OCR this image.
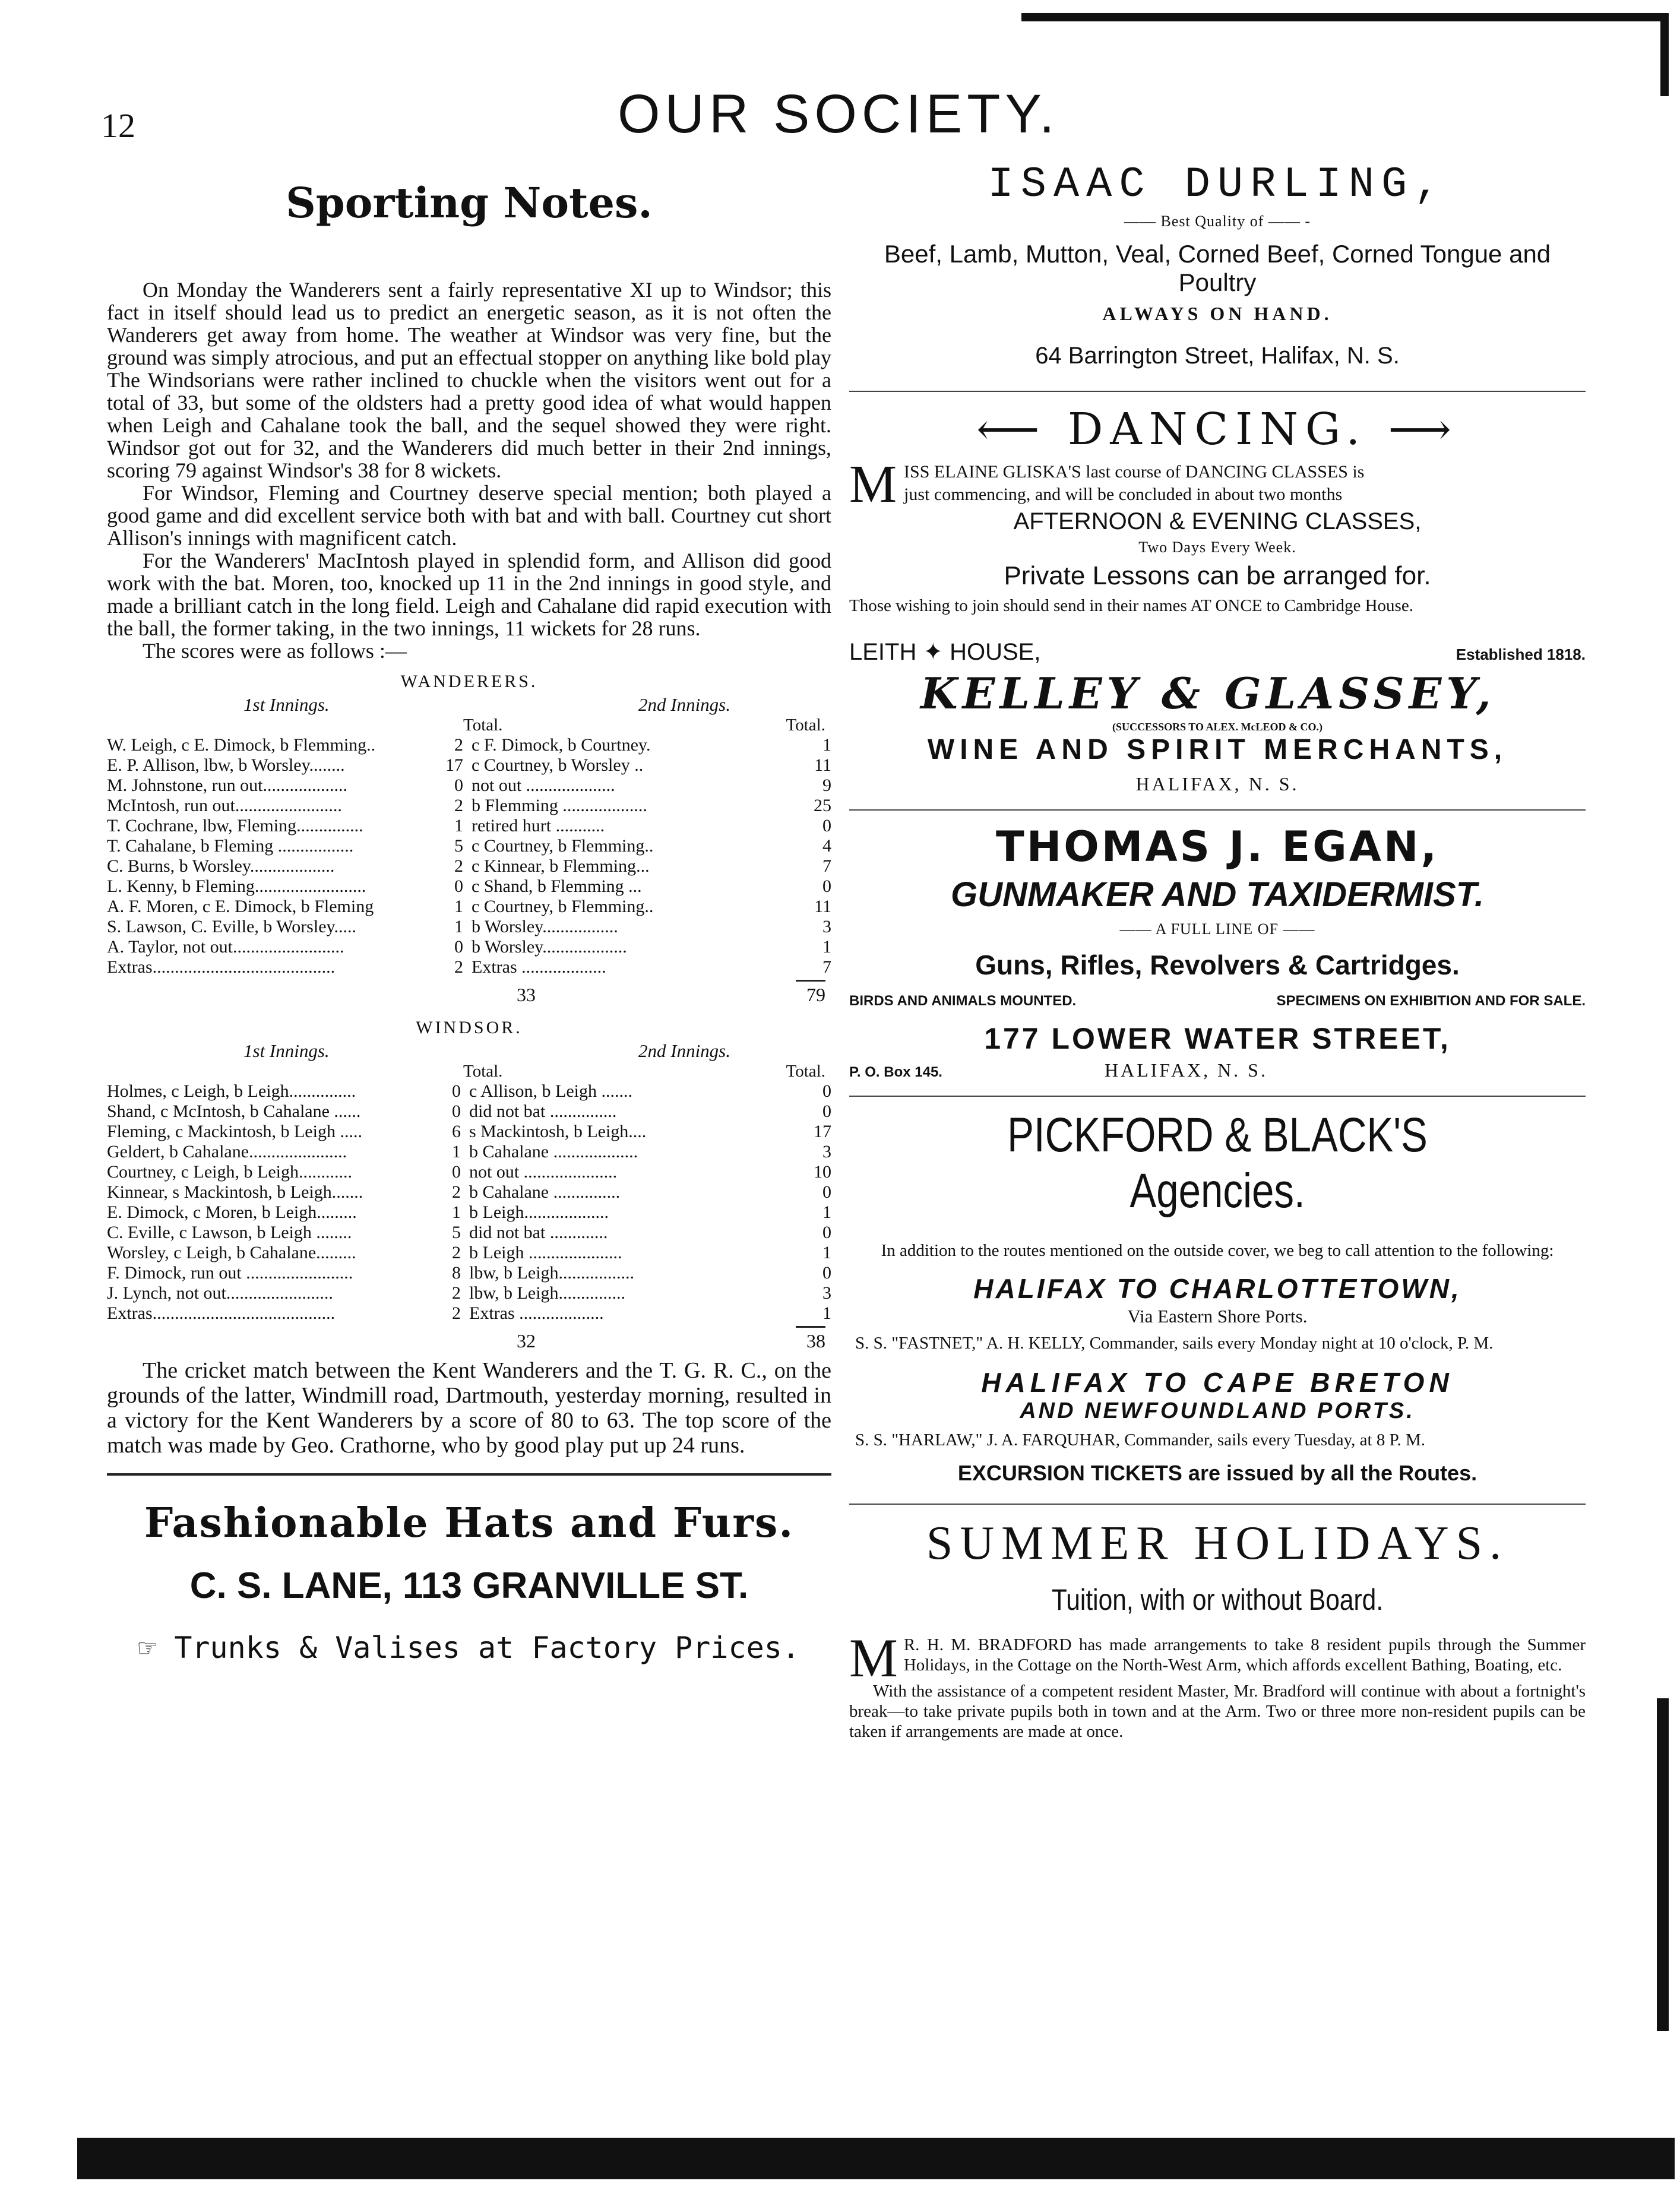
12	OUR SOCIETY.
Sporting Notes.

On Monday the Wanderers sent a fairly representative XI up to Windsor; this fact in itself should lead us to predict an energetic season, as it is not often the Wanderers get away from home. The weather at Windsor was very fine, but the ground was simply atrocious, and put an effectual stopper on anything like bold play The Windsorians were rather inclined to chuckle when the visitors went out for a total of 33, but some of the oldsters had a pretty good idea of what would happen when Leigh and Cahalane took the ball, and the sequel showed they were right. Windsor got out for 32, and the Wanderers did much better in their 2nd innings, scoring 79 against Windsor's 38 for 8 wickets.

For Windsor, Fleming and Courtney deserve special mention; both played a good game and did excellent service both with bat and with ball. Courtney cut short Allison's innings with magnificent catch.

For the Wanderers' MacIntosh played in splendid form, and Allison did good work with the bat. Moren, too, knocked up 11 in the 2nd innings in good style, and made a brilliant catch in the long field. Leigh and Cahalane did rapid execution with the ball, the former taking, in the two innings, 11 wickets for 28 runs.

The scores were as follows :—

WANDERERS.
1st Innings.	2nd Innings.
Total.	Total.
W. Leigh, c E. Dimock, b Flemming..	2	c F. Dimock, b Courtney.	1
E. P. Allison, lbw, b Worsley........	17	c Courtney, b Worsley ..	11
M. Johnstone, run out...................	0	not out ....................	9
McIntosh, run out........................	2	b Flemming ...................	25
T. Cochrane, lbw, Fleming...............	1	retired hurt ...........	0
T. Cahalane, b Fleming .................	5	c Courtney, b Flemming..	4
C. Burns, b Worsley...................	2	c Kinnear, b Flemming...	7
L. Kenny, b Fleming.........................	0	c Shand, b Flemming ...	0
A. F. Moren, c E. Dimock, b Fleming	1	c Courtney, b Flemming..	11
S. Lawson, C. Eville, b Worsley.....	1	b Worsley.................	3
A. Taylor, not out.........................	0	b Worsley...................	1
Extras.........................................	2	Extras ...................	7
33	79
WINDSOR.
1st Innings.	2nd Innings.
Total.	Total.
Holmes, c Leigh, b Leigh...............	0	c Allison, b Leigh .......	0
Shand, c McIntosh, b Cahalane ......	0	did not bat ...............	0
Fleming, c Mackintosh, b Leigh .....	6	s Mackintosh, b Leigh....	17
Geldert, b Cahalane......................	1	b Cahalane ...................	3
Courtney, c Leigh, b Leigh............	0	not out .....................	10
Kinnear, s Mackintosh, b Leigh.......	2	b Cahalane ...............	0
E. Dimock, c Moren, b Leigh.........	1	b Leigh...................	1
C. Eville, c Lawson, b Leigh ........	5	did not bat .............	0
Worsley, c Leigh, b Cahalane.........	2	b Leigh .....................	1
F. Dimock, run out ........................	8	lbw, b Leigh.................	0
J. Lynch, not out........................	2	lbw, b Leigh...............	3
Extras.........................................	2	Extras ...................	1
32	38

The cricket match between the Kent Wanderers and the T. G. R. C., on the grounds of the latter, Windmill road, Dartmouth, yesterday morning, resulted in a victory for the Kent Wanderers by a score of 80 to 63. The top score of the match was made by Geo. Crathorne, who by good play put up 24 runs.

Fashionable Hats and Furs.
C. S. LANE, 113 GRANVILLE ST.
☞ Trunks & Valises at Factory Prices.
ISAAC DURLING,
—— Best Quality of —— -
Beef, Lamb, Mutton, Veal, Corned Beef, Corned Tongue and Poultry
ALWAYS ON HAND.
64 Barrington Street, Halifax, N. S.
⟵ DANCING. ⟶
M ISS ELAINE GLISKA'S last course of DANCING CLASSES is
just commencing, and will be concluded in about two months
AFTERNOON & EVENING CLASSES,
Two Days Every Week.
Private Lessons can be arranged for.
Those wishing to join should send in their names AT ONCE to Cambridge House.
LEITH ✦ HOUSE,	Established 1818.
KELLEY & GLASSEY,
(SUCCESSORS TO ALEX. McLEOD & CO.)
WINE AND SPIRIT MERCHANTS,
HALIFAX, N. S.
THOMAS J. EGAN,
GUNMAKER AND TAXIDERMIST.
—— A FULL LINE OF ——
Guns, Rifles, Revolvers & Cartridges.
BIRDS AND ANIMALS MOUNTED.	SPECIMENS ON EXHIBITION AND FOR SALE.
177 LOWER WATER STREET,
P. O. Box 145.	HALIFAX, N. S.
PICKFORD & BLACK'S Agencies.
In addition to the routes mentioned on the outside cover, we beg to call attention to the following:
HALIFAX TO CHARLOTTETOWN,
Via Eastern Shore Ports.
S. S. "FASTNET," A. H. KELLY, Commander, sails every Monday night at 10 o'clock, P. M.
HALIFAX TO CAPE BRETON
AND NEWFOUNDLAND PORTS.
S. S. "HARLAW," J. A. FARQUHAR, Commander, sails every Tuesday, at 8 P. M.
EXCURSION TICKETS are issued by all the Routes.
SUMMER HOLIDAYS.
Tuition, with or without Board.
M R. H. M. BRADFORD has made arrangements to take 8 resident pupils through the Summer Holidays, in the Cottage on the North-West Arm, which affords excellent Bathing, Boating, etc.
With the assistance of a competent resident Master, Mr. Bradford will continue with about a fortnight's break—to take private pupils both in town and at the Arm. Two or three more non-resident pupils can be taken if arrangements are made at once.
